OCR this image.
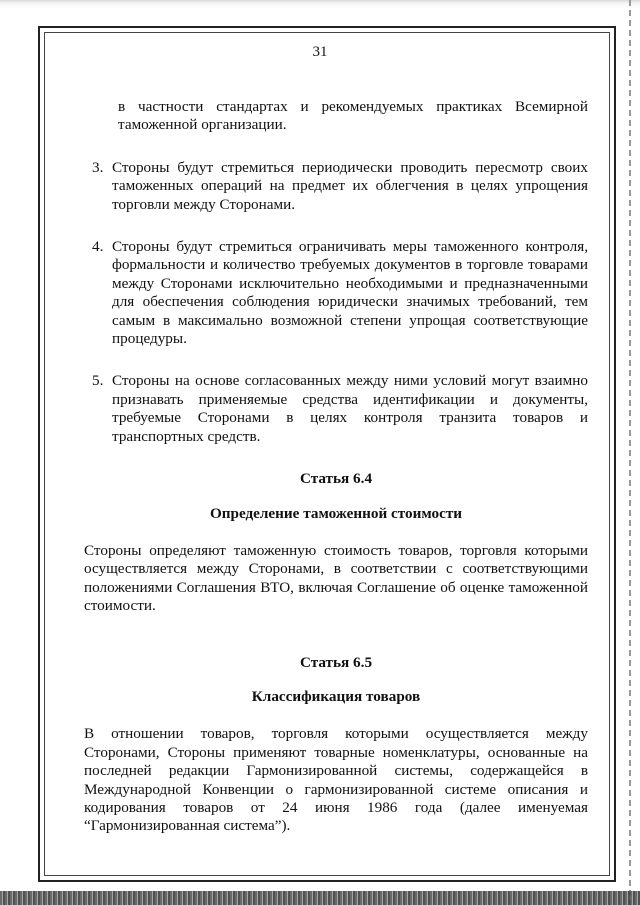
31

в частности стандартах и рекомендуемых практиках Всемирной таможенной организации.

3. Стороны будут стремиться периодически проводить пересмотр своих таможенных операций на предмет их облегчения в целях упрощения торговли между Сторонами.
4. Стороны будут стремиться ограничивать меры таможенного контроля, формальности и количество требуемых документов в торговле товарами между Сторонами исключительно необходимыми и предназначенными для обеспечения соблюдения юридически значимых требований, тем самым в максимально возможной степени упрощая соответствующие процедуры.
5. Стороны на основе согласованных между ними условий могут взаимно признавать применяемые средства идентификации и документы, требуемые Сторонами в целях контроля транзита товаров и транспортных средств.

Статья 6.4

Определение таможенной стоимости

Стороны определяют таможенную стоимость товаров, торговля которыми осуществляется между Сторонами, в соответствии с соответствующими положениями Соглашения ВТО, включая Соглашение об оценке таможенной стоимости.

Статья 6.5

Классификация товаров

В отношении товаров, торговля которыми осуществляется между Сторонами, Стороны применяют товарные номенклатуры, основанные на последней редакции Гармонизированной системы, содержащейся в Международной Конвенции о гармонизированной системе описания и кодирования товаров от 24 июня 1986 года (далее именуемая “Гармонизированная система”).
